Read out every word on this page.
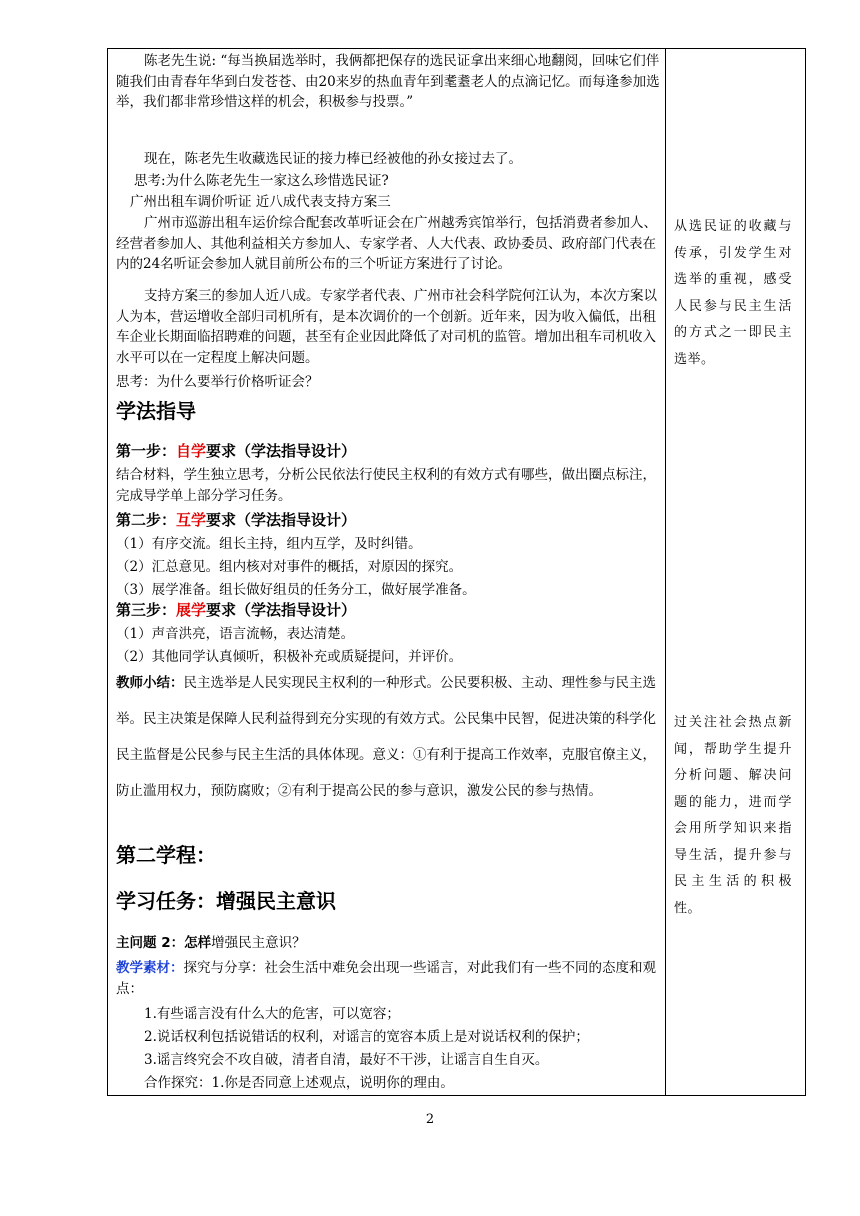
陈老先生说: “每当换届选举时，我俩都把保存的选民证拿出来细心地翻阅，回味它们伴随我们由青春年华到白发苍苍、由20来岁的热血青年到耄耋老人的点滴记忆。而每逢参加选举，我们都非常珍惜这样的机会，积极参与投票。”
现在，陈老先生收藏选民证的接力棒已经被他的孙女接过去了。
思考:为什么陈老先生一家这么珍惜选民证?
广州出租车调价听证 近八成代表支持方案三
广州市巡游出租车运价综合配套改革听证会在广州越秀宾馆举行，包括消费者参加人、经营者参加人、其他利益相关方参加人、专家学者、人大代表、政协委员、政府部门代表在内的24名听证会参加人就目前所公布的三个听证方案进行了讨论。
支持方案三的参加人近八成。专家学者代表、广州市社会科学院何江认为，本次方案以人为本，营运增收全部归司机所有，是本次调价的一个创新。近年来，因为收入偏低，出租车企业长期面临招聘难的问题，甚至有企业因此降低了对司机的监管。增加出租车司机收入水平可以在一定程度上解决问题。
思考：为什么要举行价格听证会？
学法指导
第一步：自学要求（学法指导设计）
结合材料，学生独立思考，分析公民依法行使民主权利的有效方式有哪些，做出圈点标注，完成导学单上部分学习任务。
第二步：互学要求（学法指导设计）
（1）有序交流。组长主持，组内互学，及时纠错。
（2）汇总意见。组内核对对事件的概括，对原因的探究。
（3）展学准备。组长做好组员的任务分工，做好展学准备。
第三步：展学要求（学法指导设计）
（1）声音洪亮，语言流畅，表达清楚。
（2）其他同学认真倾听，积极补充或质疑提问，并评价。
教师小结：民主选举是人民实现民主权利的一种形式。公民要积极、主动、理性参与民主选举。民主决策是保障人民利益得到充分实现的有效方式。公民集中民智，促进决策的科学化民主监督是公民参与民主生活的具体体现。意义：①有利于提高工作效率，克服官僚主义，防止滥用权力，预防腐败；②有利于提高公民的参与意识，激发公民的参与热情。
第二学程：
学习任务：增强民主意识
主问题 2：怎样增强民主意识？
教学素材：探究与分享：社会生活中难免会出现一些谣言，对此我们有一些不同的态度和观点：
1.有些谣言没有什么大的危害，可以宽容；
2.说话权利包括说错话的权利，对谣言的宽容本质上是对说话权利的保护；
3.谣言终究会不攻自破，清者自清，最好不干涉，让谣言自生自灭。
合作探究：1.你是否同意上述观点，说明你的理由。
从选民证的收藏与传承，引发学生对选举的重视，感受人民参与民主生活的方式之一即民主选举。
过关注社会热点新闻，帮助学生提升分析问题、解决问题的能力，进而学会用所学知识来指导生活，提升参与民主生活的积极性。
2
